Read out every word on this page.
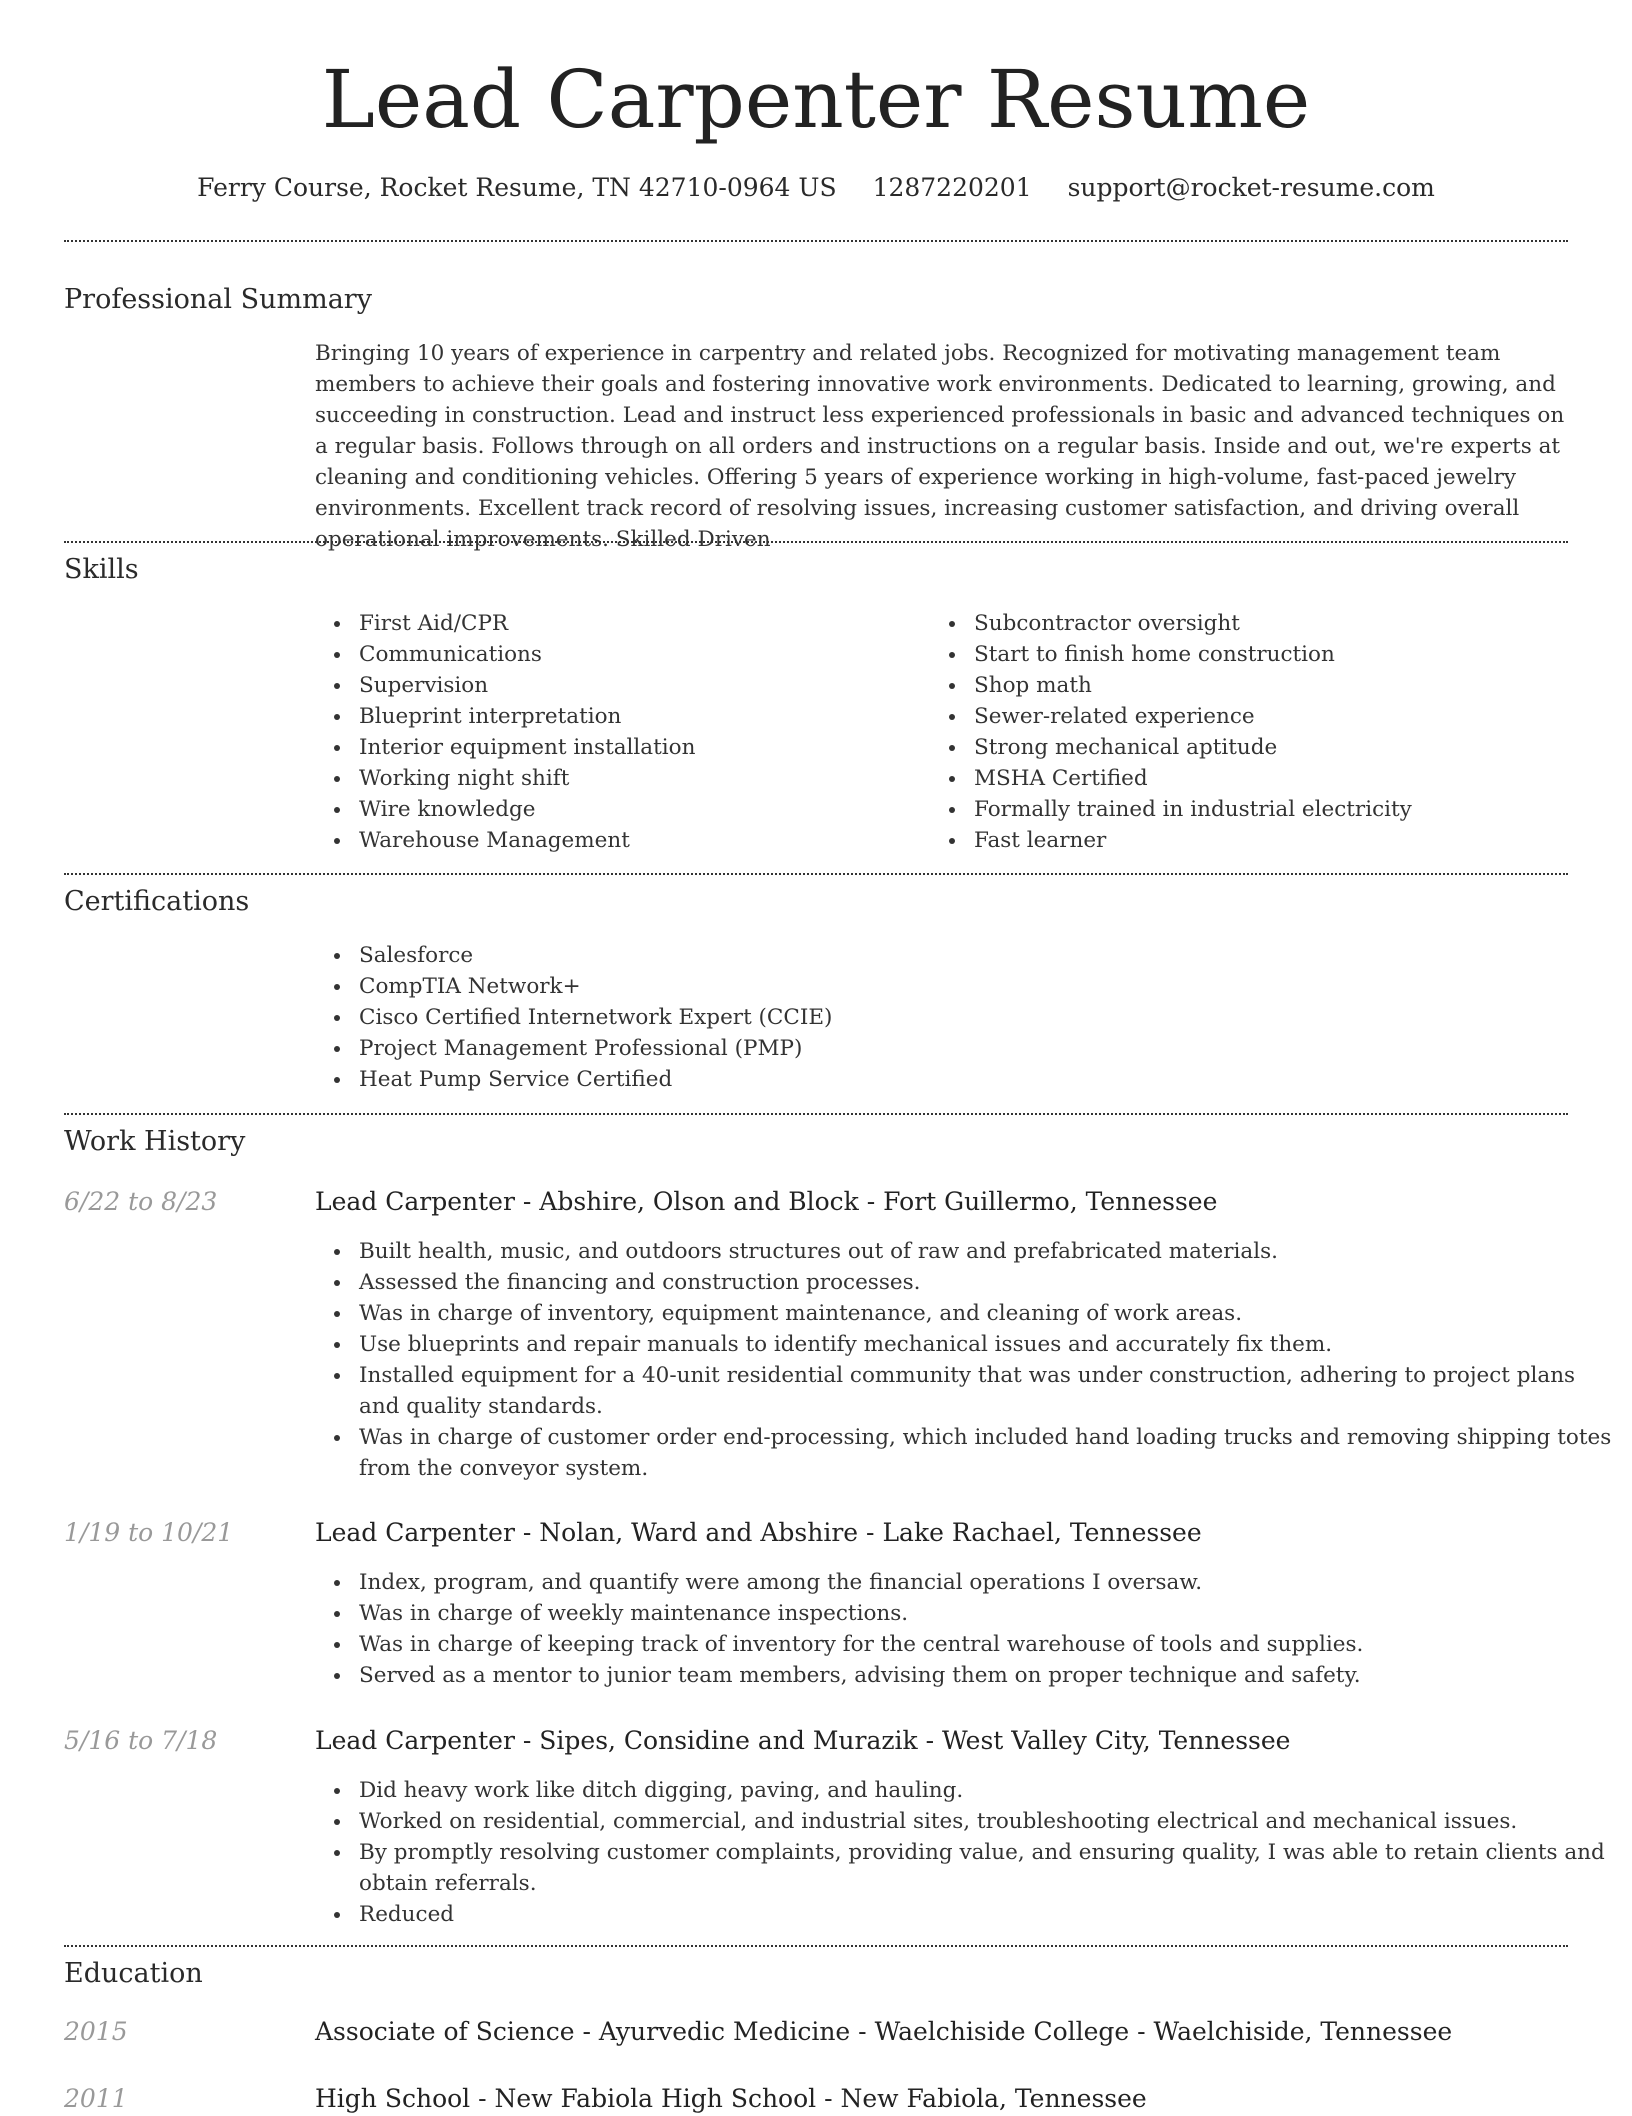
Lead Carpenter Resume
Ferry Course, Rocket Resume, TN 42710-0964 US 1287220201 support@rocket-resume.com
Professional Summary

Bringing 10 years of experience in carpentry and related jobs. Recognized for motivating management team members to achieve their goals and fostering innovative work environments. Dedicated to learning, growing, and succeeding in construction. Lead and instruct less experienced professionals in basic and advanced techniques on a regular basis. Follows through on all orders and instructions on a regular basis. Inside and out, we're experts at cleaning and conditioning vehicles. Offering 5 years of experience working in high-volume, fast-paced jewelry environments. Excellent track record of resolving issues, increasing customer satisfaction, and driving overall operational improvements. Skilled Driven

Skills
First Aid/CPR
Communications
Supervision
Blueprint interpretation
Interior equipment installation
Working night shift
Wire knowledge
Warehouse Management
Subcontractor oversight
Start to finish home construction
Shop math
Sewer-related experience
Strong mechanical aptitude
MSHA Certified
Formally trained in industrial electricity
Fast learner
Certifications
Salesforce
CompTIA Network+
Cisco Certified Internetwork Expert (CCIE)
Project Management Professional (PMP)
Heat Pump Service Certified
Work History
6/22 to 8/23	Lead Carpenter - Abshire, Olson and Block - Fort Guillermo, Tennessee
Built health, music, and outdoors structures out of raw and prefabricated materials.
Assessed the financing and construction processes.
Was in charge of inventory, equipment maintenance, and cleaning of work areas.
Use blueprints and repair manuals to identify mechanical issues and accurately fix them.
Installed equipment for a 40-unit residential community that was under construction, adhering to project plans and quality standards.
Was in charge of customer order end-processing, which included hand loading trucks and removing shipping totes from the conveyor system.
1/19 to 10/21	Lead Carpenter - Nolan, Ward and Abshire - Lake Rachael, Tennessee
Index, program, and quantify were among the financial operations I oversaw.
Was in charge of weekly maintenance inspections.
Was in charge of keeping track of inventory for the central warehouse of tools and supplies.
Served as a mentor to junior team members, advising them on proper technique and safety.
5/16 to 7/18	Lead Carpenter - Sipes, Considine and Murazik - West Valley City, Tennessee
Did heavy work like ditch digging, paving, and hauling.
Worked on residential, commercial, and industrial sites, troubleshooting electrical and mechanical issues.
By promptly resolving customer complaints, providing value, and ensuring quality, I was able to retain clients and obtain referrals.
Reduced
Education
2015	Associate of Science - Ayurvedic Medicine - Waelchiside College - Waelchiside, Tennessee
2011	High School - New Fabiola High School - New Fabiola, Tennessee
